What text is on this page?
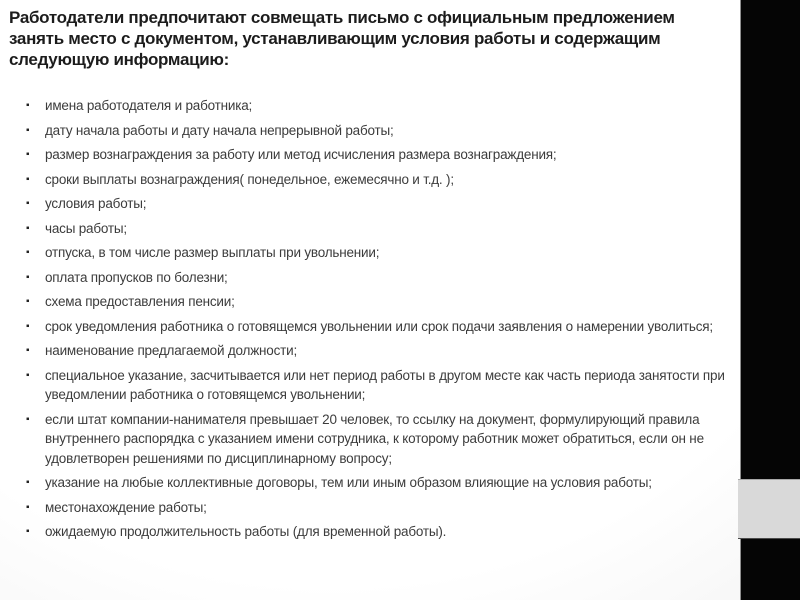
Работодатели предпочитают совмещать письмо с официальным предложением занять место с документом, устанавливающим условия работы и содержащим следующую информацию:
▪ имена работодателя и работника;
▪ дату начала работы и дату начала непрерывной работы;
▪ размер вознаграждения за работу или метод исчисления размера вознаграждения;
▪ сроки выплаты вознаграждения( понедельное, ежемесячно и т.д. );
▪ условия работы;
▪ часы работы;
▪ отпуска, в том числе размер выплаты при увольнении;
▪ оплата пропусков по болезни;
▪ схема предоставления пенсии;
▪ срок уведомления работника о готовящемся увольнении или срок подачи заявления о намерении уволиться;
▪ наименование предлагаемой должности;
▪ специальное указание, засчитывается или нет период работы в другом месте как часть периода занятости при уведомлении работника о готовящемся увольнении;
▪ если штат компании-нанимателя превышает 20 человек, то ссылку на документ, формулирующий правила внутреннего распорядка с указанием имени сотрудника, к которому работник может обратиться, если он не удовлетворен решениями по дисциплинарному вопросу;
▪ указание на любые коллективные договоры, тем или иным образом влияющие на условия работы;
▪ местонахождение работы;
▪ ожидаемую продолжительность работы (для временной работы).
